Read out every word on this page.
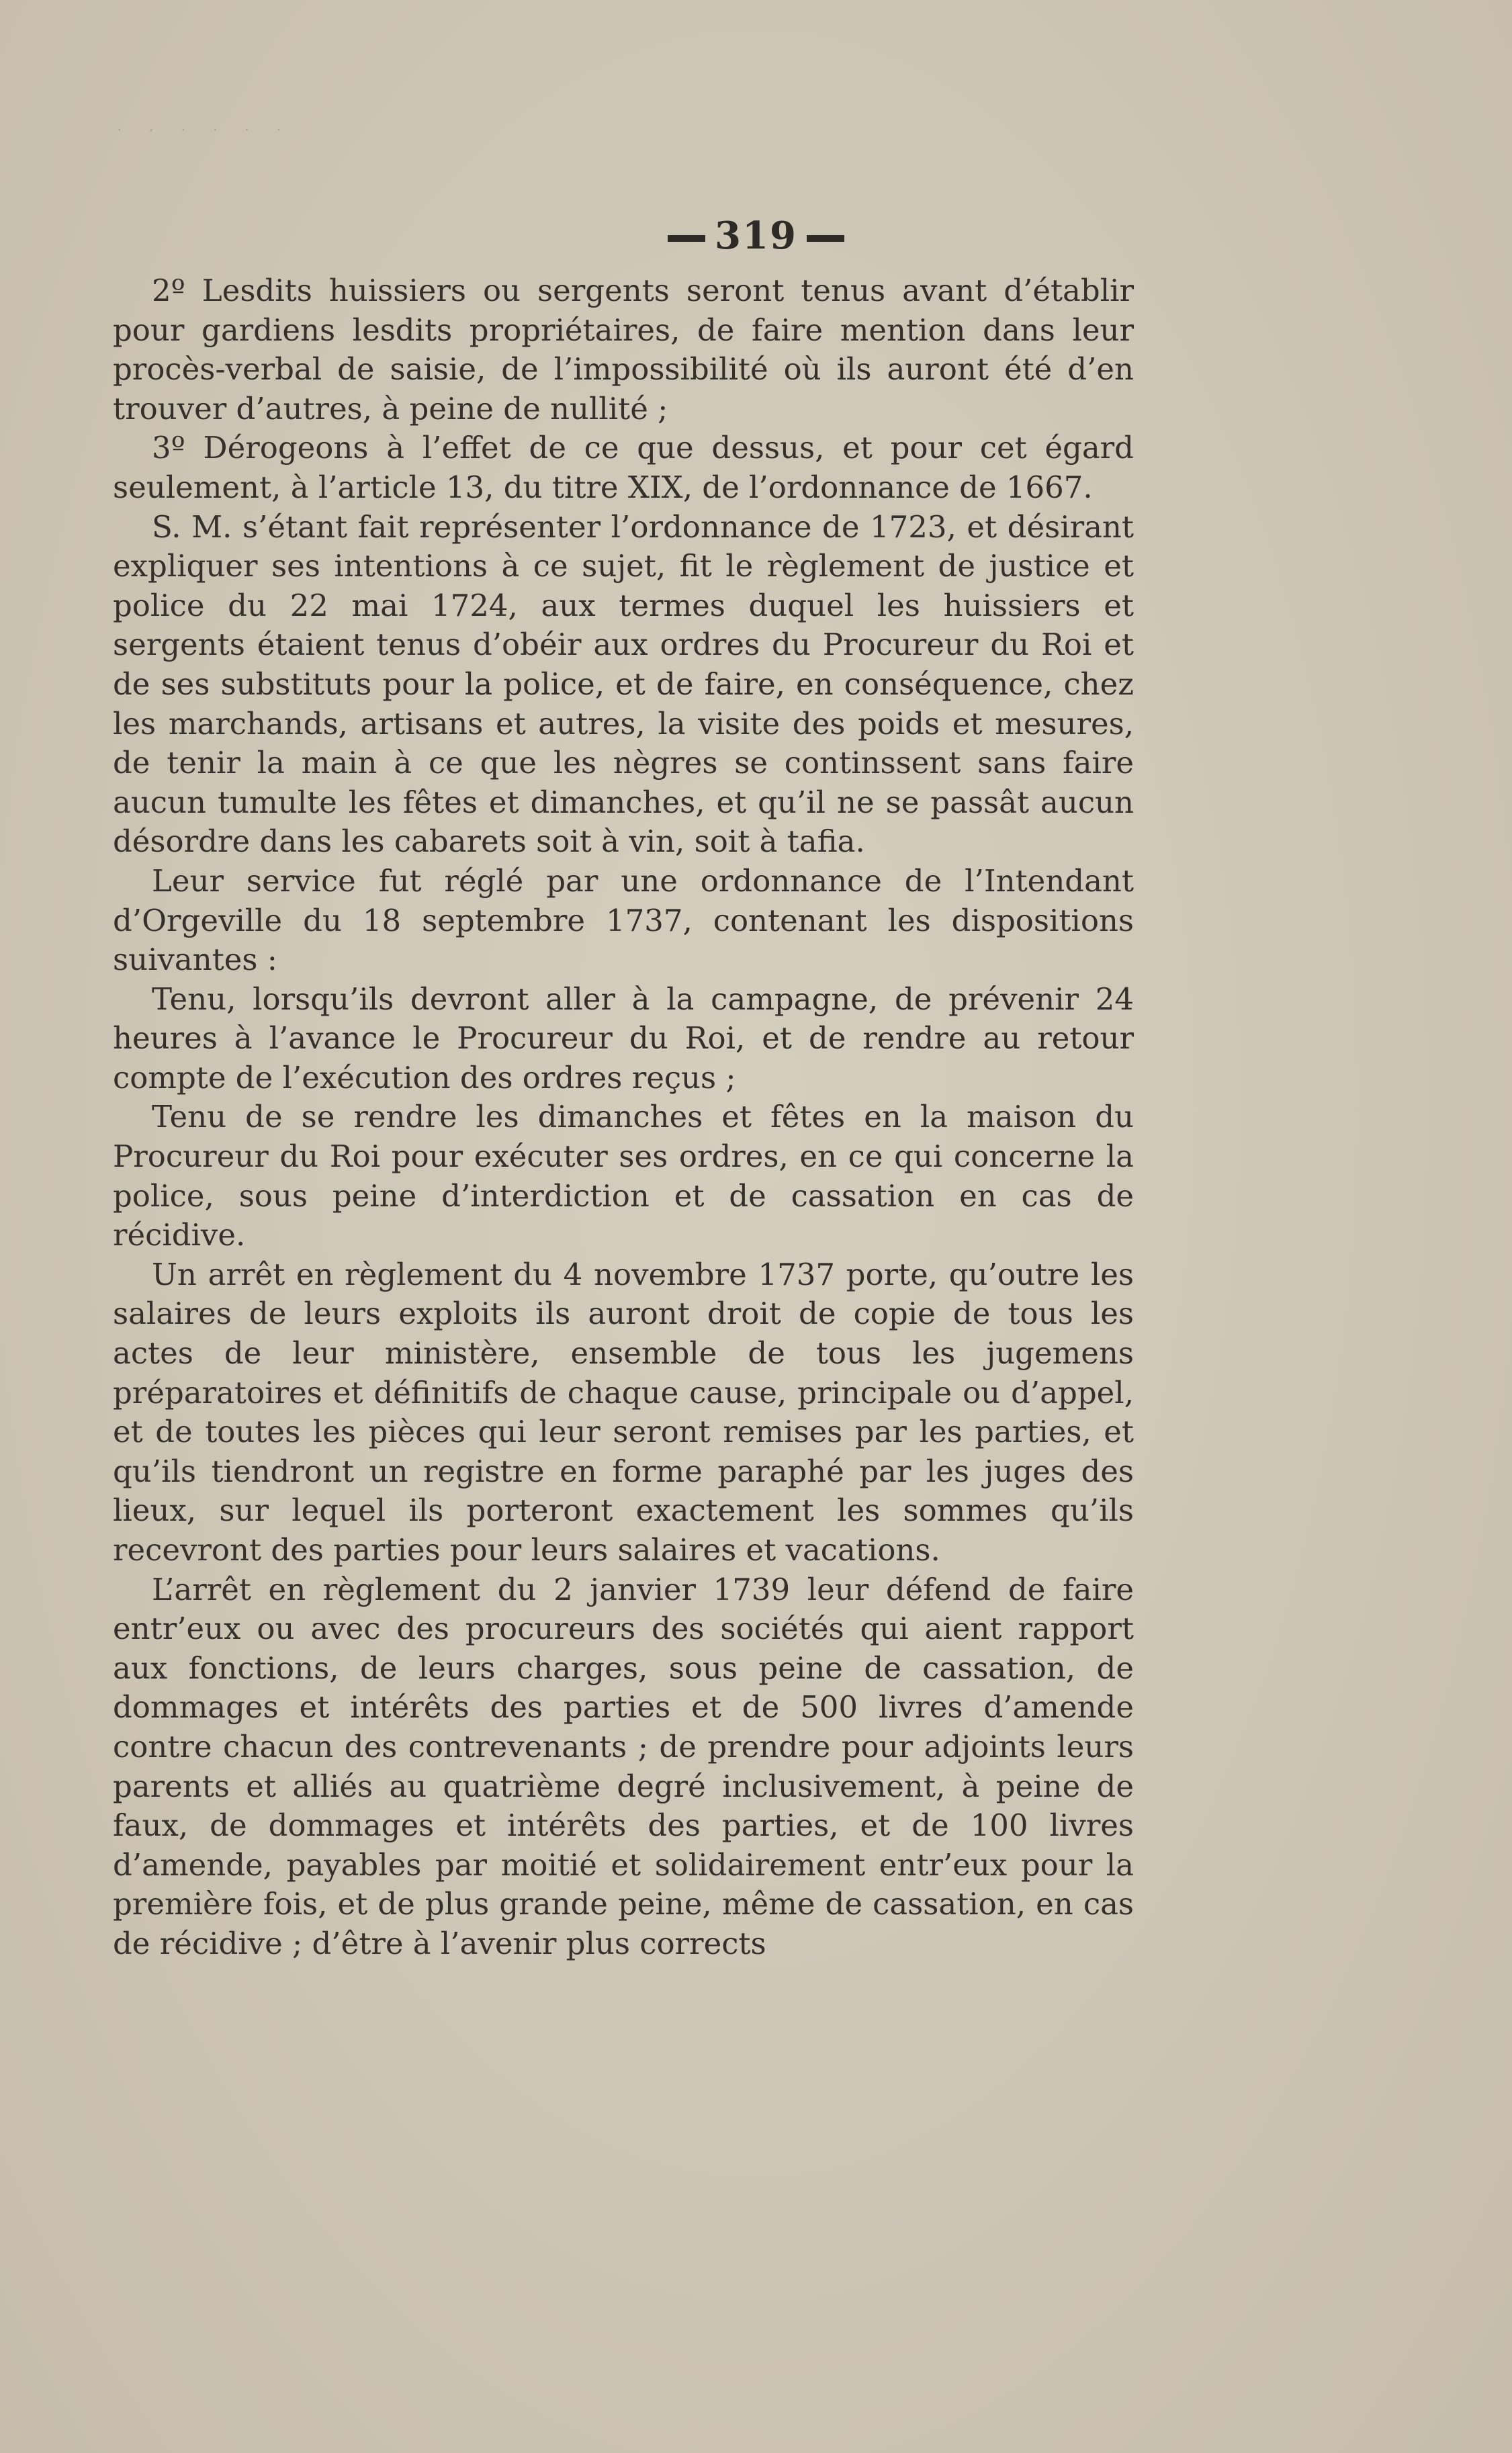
. , . . . .
319

2º Lesdits huissiers ou sergents seront tenus avant d’établir pour gardiens lesdits propriétaires, de faire mention dans leur procès-verbal de saisie, de l’impossibilité où ils auront été d’en trouver d’autres, à peine de nullité ;

3º Dérogeons à l’effet de ce que dessus, et pour cet égard seulement, à l’article 13, du titre XIX, de l’ordonnance de 1667.

S. M. s’étant fait représenter l’ordonnance de 1723, et désirant expliquer ses intentions à ce sujet, fit le règlement de justice et police du 22 mai 1724, aux termes duquel les huissiers et sergents étaient tenus d’obéir aux ordres du Procureur du Roi et de ses substituts pour la police, et de faire, en conséquence, chez les marchands, artisans et autres, la visite des poids et mesures, de tenir la main à ce que les nègres se continssent sans faire aucun tumulte les fêtes et dimanches, et qu’il ne se passât aucun désordre dans les cabarets soit à vin, soit à tafia.

Leur service fut réglé par une ordonnance de l’Intendant d’Orgeville du 18 septembre 1737, contenant les dispositions suivantes :

Tenu, lorsqu’ils devront aller à la campagne, de prévenir 24 heures à l’avance le Procureur du Roi, et de rendre au retour compte de l’exécution des ordres reçus ;

Tenu de se rendre les dimanches et fêtes en la maison du Procureur du Roi pour exécuter ses ordres, en ce qui concerne la police, sous peine d’interdiction et de cassation en cas de récidive.

Un arrêt en règlement du 4 novembre 1737 porte, qu’outre les salaires de leurs exploits ils auront droit de copie de tous les actes de leur ministère, ensemble de tous les jugemens préparatoires et définitifs de chaque cause, principale ou d’appel, et de toutes les pièces qui leur seront remises par les parties, et qu’ils tiendront un registre en forme paraphé par les juges des lieux, sur lequel ils porteront exactement les sommes qu’ils recevront des parties pour leurs salaires et vacations.

L’arrêt en règlement du 2 janvier 1739 leur défend de faire entr’eux ou avec des procureurs des sociétés qui aient rapport aux fonctions, de leurs charges, sous peine de cassation, de dommages et intérêts des parties et de 500 livres d’amende contre chacun des contrevenants ; de prendre pour adjoints leurs parents et alliés au quatrième degré inclusivement, à peine de faux, de dommages et intérêts des parties, et de 100 livres d’amende, payables par moitié et solidairement entr’eux pour la première fois, et de plus grande peine, même de cassation, en cas de récidive ; d’être à l’avenir plus corrects
